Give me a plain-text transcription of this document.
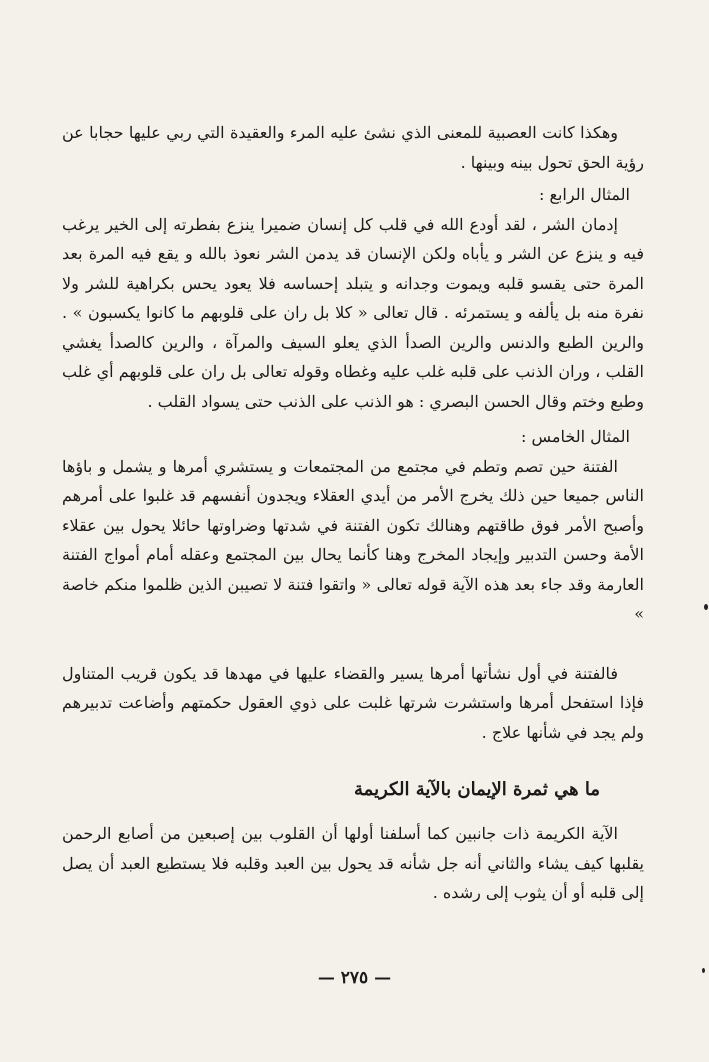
وهكذا كانت العصبية للمعنى الذي نشئ عليه المرء والعقيدة التي ربي عليها حجابا عن رؤية الحق تحول بينه وبينها .

المثال الرابع :

إدمان الشر ، لقد أودع الله في قلب كل إنسان ضميرا ينزع بفطرته إلى الخير يرغب فيه و ينزع عن الشر و يأباه ولكن الإنسان قد يدمن الشر نعوذ بالله و يقع فيه المرة بعد المرة حتى يقسو قلبه ويموت وجدانه و يتبلد إحساسه فلا يعود يحس بكراهية للشر ولا نفرة منه بل يألفه و يستمرئه . قال تعالى « كلا بل ران على قلوبهم ما كانوا يكسبون » . والرين الطبع والدنس والرين الصدأ الذي يعلو السيف والمرآة ، والرين كالصدأ يغشي القلب ، وران الذنب على قلبه غلب عليه وغطاه وقوله تعالى بل ران على قلوبهم أي غلب وطبع وختم وقال الحسن البصري : هو الذنب على الذنب حتى يسواد القلب .

المثال الخامس :

الفتنة حين تصم وتطم في مجتمع من المجتمعات و يستشري أمرها و يشمل و باؤها الناس جميعا حين ذلك يخرج الأمر من أيدي العقلاء ويجدون أنفسهم قد غلبوا على أمرهم وأصبح الأمر فوق طاقتهم وهنالك تكون الفتنة في شدتها وضراوتها حائلا يحول بين عقلاء الأمة وحسن التدبير وإيجاد المخرج وهنا كأنما يحال بين المجتمع وعقله أمام أمواج الفتنة العارمة وقد جاء بعد هذه الآية قوله تعالى « واتقوا فتنة لا تصيبن الذين ظلموا منكم خاصة »

فالفتنة في أول نشأتها أمرها يسير والقضاء عليها في مهدها قد يكون قريب المتناول فإذا استفحل أمرها واستشرت شرتها غلبت على ذوي العقول حكمتهم وأضاعت تدبيرهم ولم يجد في شأنها علاج .

ما هي ثمرة الإيمان بالآية الكريمة

الآية الكريمة ذات جانبين كما أسلفنا أولها أن القلوب بين إصبعين من أصابع الرحمن يقلبها كيف يشاء والثاني أنه جل شأنه قد يحول بين العبد وقلبه فلا يستطيع العبد أن يصل إلى قلبه أو أن يثوب إلى رشده .

— ٢٧٥ —
